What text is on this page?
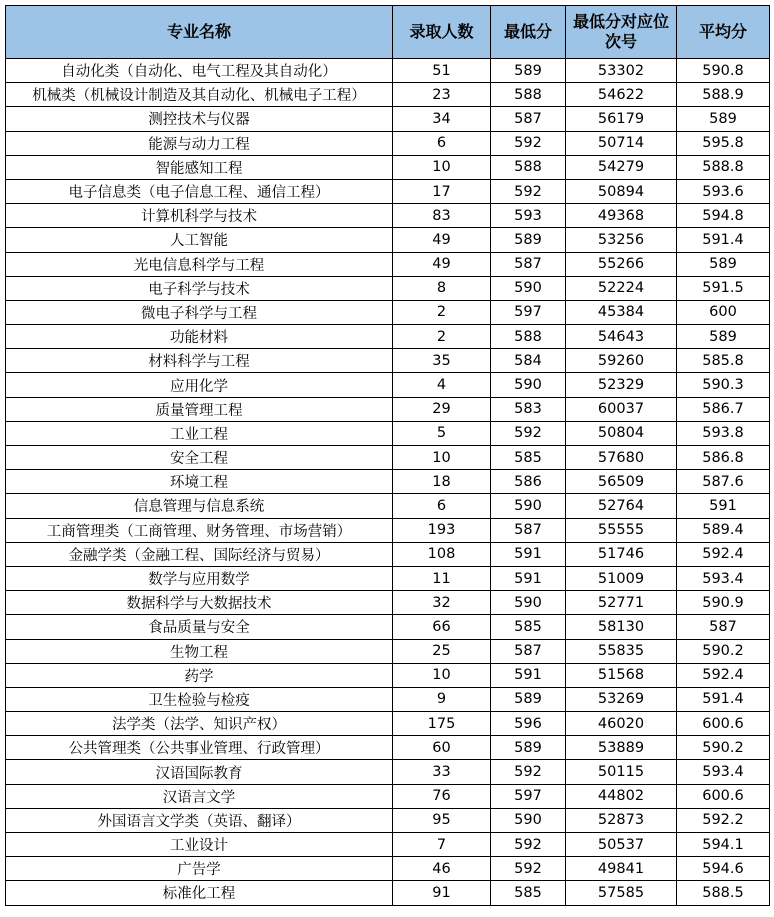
专业名称	录取人数	最低分	最低分对应位次号	平均分
自动化类（自动化、电气工程及其自动化）	51	589	53302	590.8
机械类（机械设计制造及其自动化、机械电子工程）	23	588	54622	588.9
测控技术与仪器	34	587	56179	589
能源与动力工程	6	592	50714	595.8
智能感知工程	10	588	54279	588.8
电子信息类（电子信息工程、通信工程）	17	592	50894	593.6
计算机科学与技术	83	593	49368	594.8
人工智能	49	589	53256	591.4
光电信息科学与工程	49	587	55266	589
电子科学与技术	8	590	52224	591.5
微电子科学与工程	2	597	45384	600
功能材料	2	588	54643	589
材料科学与工程	35	584	59260	585.8
应用化学	4	590	52329	590.3
质量管理工程	29	583	60037	586.7
工业工程	5	592	50804	593.8
安全工程	10	585	57680	586.8
环境工程	18	586	56509	587.6
信息管理与信息系统	6	590	52764	591
工商管理类（工商管理、财务管理、市场营销）	193	587	55555	589.4
金融学类（金融工程、国际经济与贸易）	108	591	51746	592.4
数学与应用数学	11	591	51009	593.4
数据科学与大数据技术	32	590	52771	590.9
食品质量与安全	66	585	58130	587
生物工程	25	587	55835	590.2
药学	10	591	51568	592.4
卫生检验与检疫	9	589	53269	591.4
法学类（法学、知识产权）	175	596	46020	600.6
公共管理类（公共事业管理、行政管理）	60	589	53889	590.2
汉语国际教育	33	592	50115	593.4
汉语言文学	76	597	44802	600.6
外国语言文学类（英语、翻译）	95	590	52873	592.2
工业设计	7	592	50537	594.1
广告学	46	592	49841	594.6
标准化工程	91	585	57585	588.5
